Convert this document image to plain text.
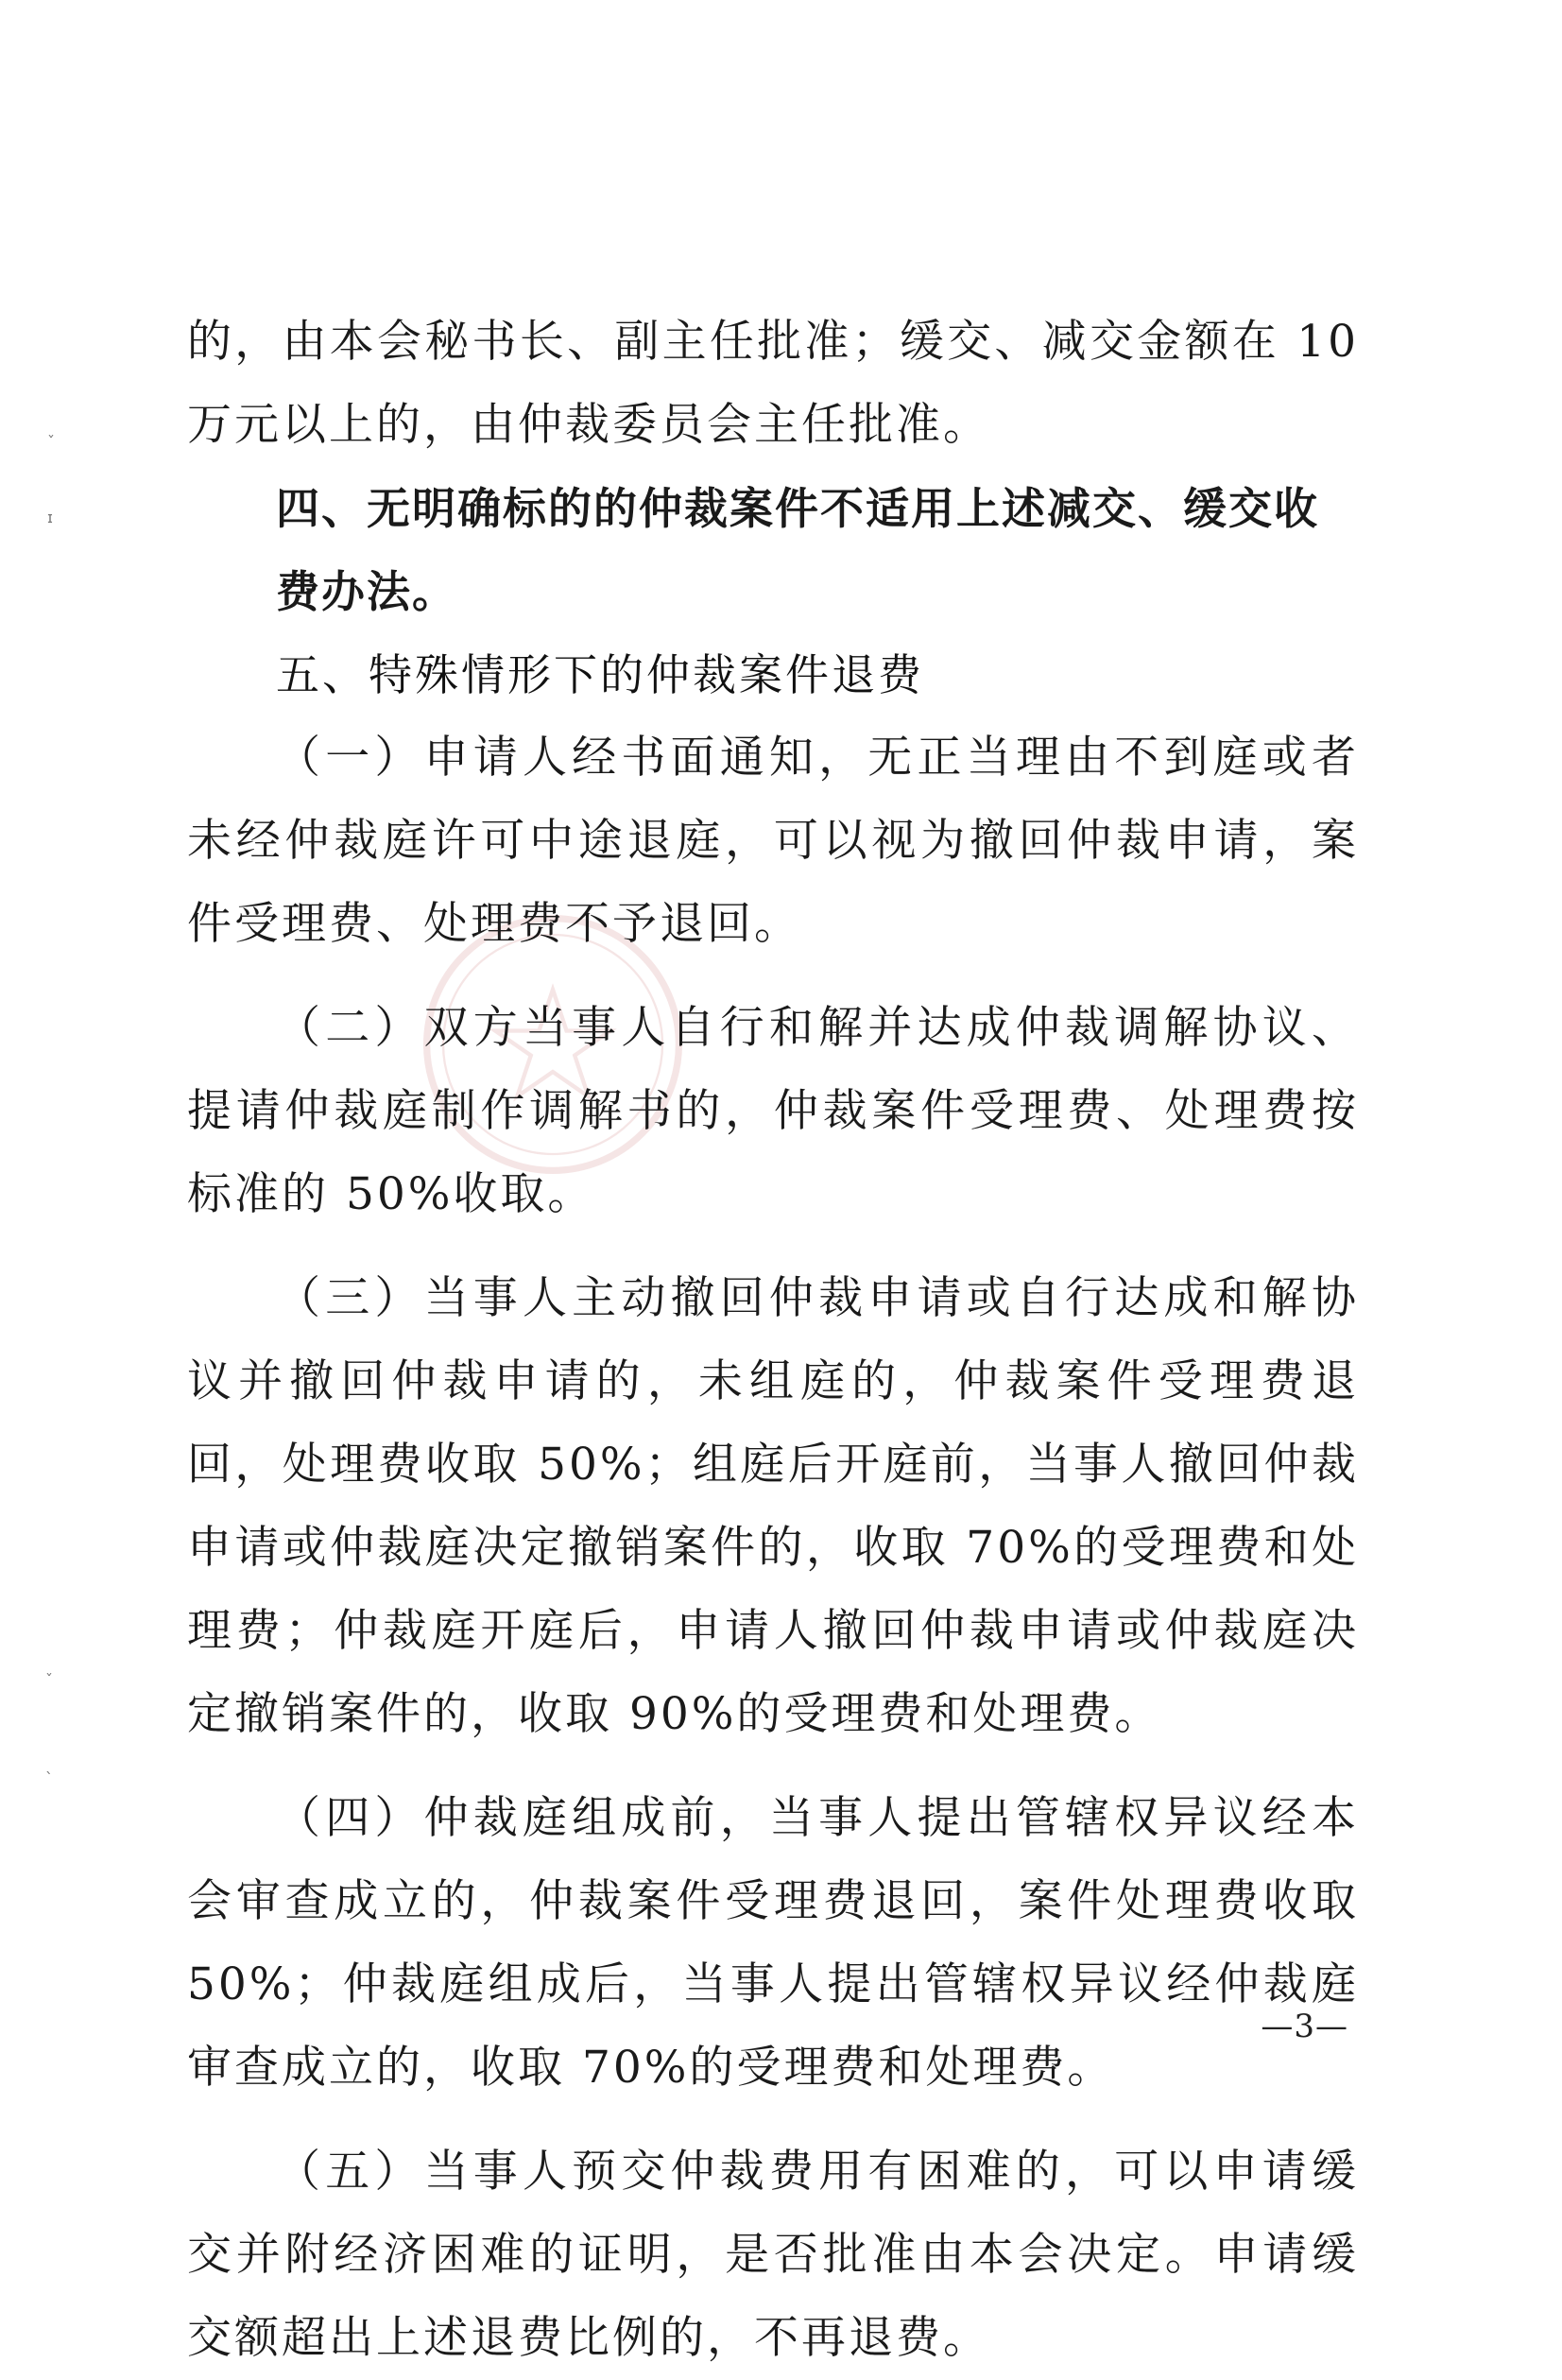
ˇ
ɪ
ˇ
ˎ

的，由本会秘书长、副主任批准；缓交、减交金额在 10 万元以上的，由仲裁委员会主任批准。

四、无明确标的的仲裁案件不适用上述减交、缓交收费办法。

五、特殊情形下的仲裁案件退费

（一）申请人经书面通知，无正当理由不到庭或者未经仲裁庭许可中途退庭，可以视为撤回仲裁申请，案件受理费、处理费不予退回。

（二）双方当事人自行和解并达成仲裁调解协议、提请仲裁庭制作调解书的，仲裁案件受理费、处理费按标准的 50%收取。

（三）当事人主动撤回仲裁申请或自行达成和解协议并撤回仲裁申请的，未组庭的，仲裁案件受理费退回，处理费收取 50%；组庭后开庭前，当事人撤回仲裁申请或仲裁庭决定撤销案件的，收取 70%的受理费和处理费；仲裁庭开庭后，申请人撤回仲裁申请或仲裁庭决定撤销案件的，收取 90%的受理费和处理费。

（四）仲裁庭组成前，当事人提出管辖权异议经本会审查成立的，仲裁案件受理费退回，案件处理费收取 50%；仲裁庭组成后，当事人提出管辖权异议经仲裁庭审查成立的，收取 70%的受理费和处理费。

（五）当事人预交仲裁费用有困难的，可以申请缓交并附经济困难的证明，是否批准由本会决定。申请缓交额超出上述退费比例的，不再退费。

—3—
